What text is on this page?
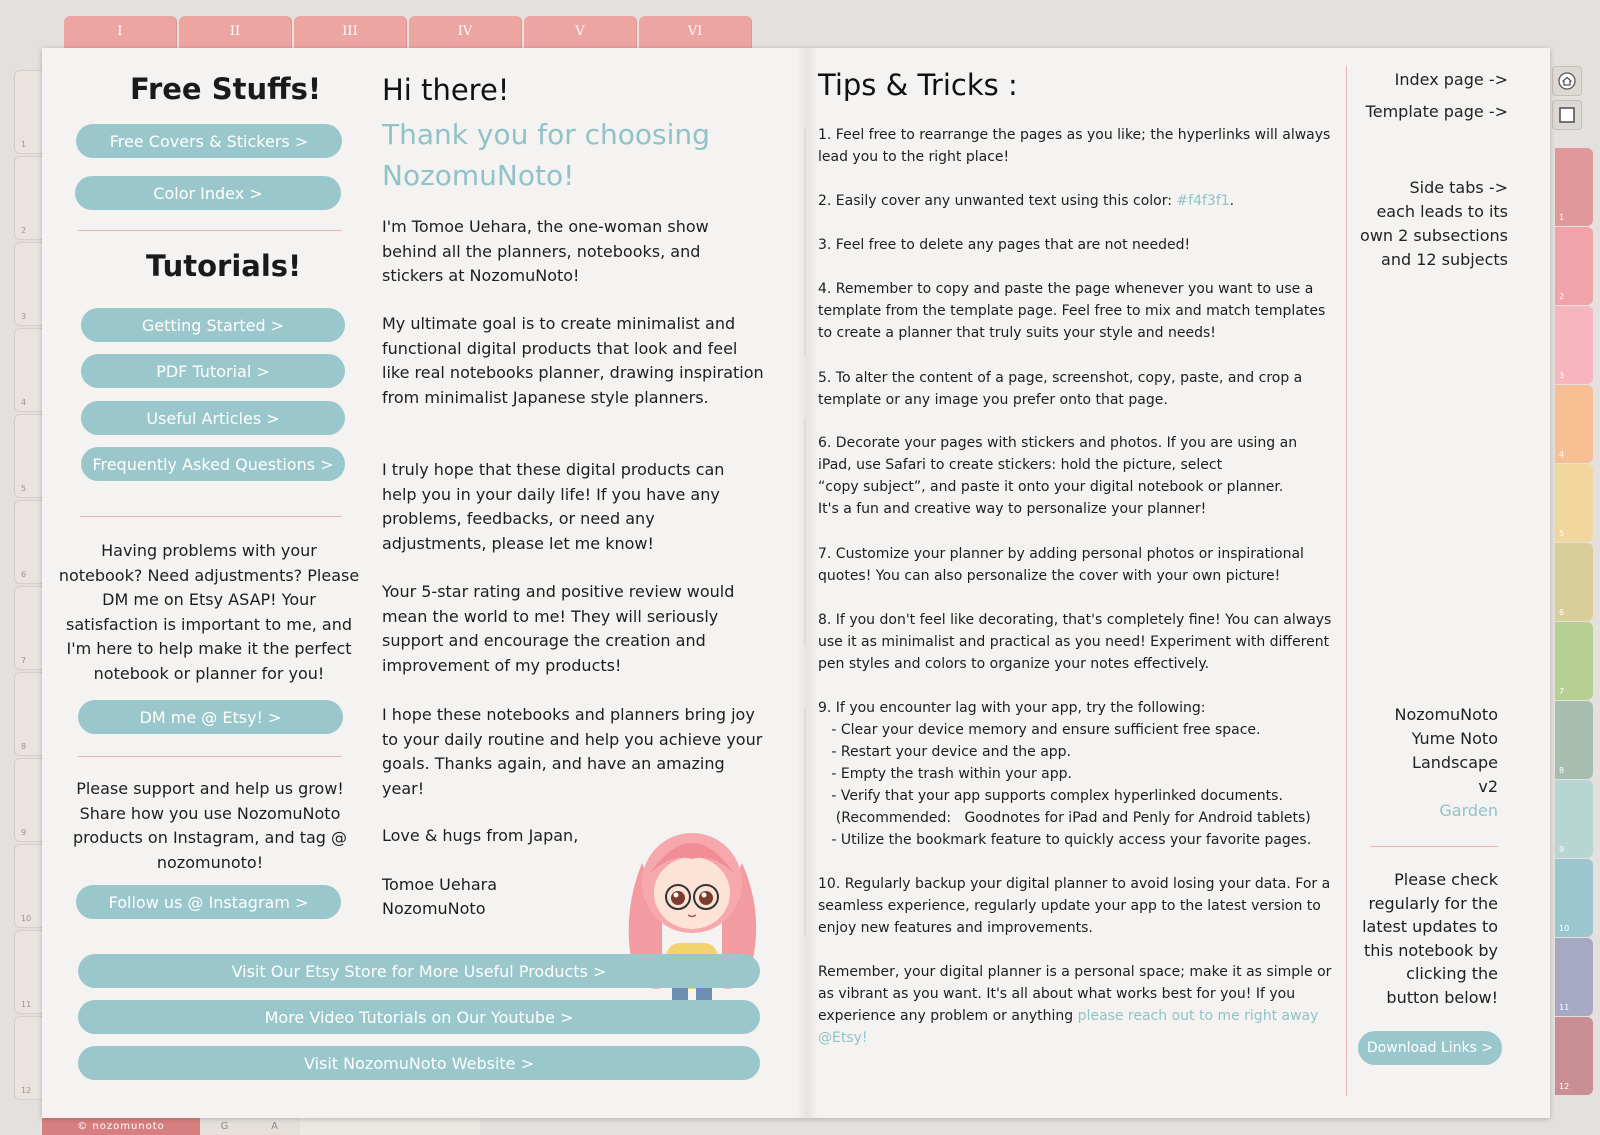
I	II	III	IV	V	VI
1
2
3
4
5
6
7
8
9
10
11
12
1
2
3
4
5
6
7
8
9
10
11
12
© nozomunoto	G	A
Free Stuffs!
Free Covers & Stickers >
Color Index >
Tutorials!
Getting Started >
PDF Tutorial >
Useful Articles >
Frequently Asked Questions >

Having problems with your notebook? Need adjustments? Please DM me on Etsy ASAP! Your satisfaction is important to me, and I'm here to help make it the perfect notebook or planner for you!

DM me @ Etsy! >

Please support and help us grow! Share how you use NozomuNoto products on Instagram, and tag @ nozomunoto!

Follow us @ Instagram >
Hi there!
Thank you for choosing NozomuNoto!

I'm Tomoe Uehara, the one-woman show behind all the planners, notebooks, and stickers at NozomuNoto!

My ultimate goal is to create minimalist and functional digital products that look and feel like real notebooks planner, drawing inspiration from minimalist Japanese style planners.

I truly hope that these digital products can help you in your daily life! If you have any problems, feedbacks, or need any adjustments, please let me know!

Your 5-star rating and positive review would mean the world to me! They will seriously support and encourage the creation and improvement of my products!

I hope these notebooks and planners bring joy to your daily routine and help you achieve your goals. Thanks again, and have an amazing year!

Love & hugs from Japan,

Tomoe Uehara

NozomuNoto

Visit Our Etsy Store for More Useful Products >
More Video Tutorials on Our Youtube >
Visit NozomuNoto Website >
Tips & Tricks :

1. Feel free to rearrange the pages as you like; the hyperlinks will always lead you to the right place!

2. Easily cover any unwanted text using this color: #f4f3f1.

3. Feel free to delete any pages that are not needed!

4. Remember to copy and paste the page whenever you want to use a template from the template page. Feel free to mix and match templates to create a planner that truly suits your style and needs!

5. To alter the content of a page, screenshot, copy, paste, and crop a template or any image you prefer onto that page.

6. Decorate your pages with stickers and photos. If you are using an
iPad, use Safari to create stickers: hold the picture, select
“copy subject”, and paste it onto your digital notebook or planner.
It's a fun and creative way to personalize your planner!

7. Customize your planner by adding personal photos or inspirational quotes! You can also personalize the cover with your own picture!

8. If you don't feel like decorating, that's completely fine! You can always use it as minimalist and practical as you need! Experiment with different pen styles and colors to organize your notes effectively.

9. If you encounter lag with your app, try the following:
- Clear your device memory and ensure sufficient free space.
- Restart your device and the app.
- Empty the trash within your app.
- Verify that your app supports complex hyperlinked documents.
(Recommended:   Goodnotes for iPad and Penly for Android tablets)
- Utilize the bookmark feature to quickly access your favorite pages.

10. Regularly backup your digital planner to avoid losing your data. For a seamless experience, regularly update your app to the latest version to enjoy new features and improvements.

Remember, your digital planner is a personal space; make it as simple or as vibrant as you want. It's all about what works best for you! If you experience any problem or anything please reach out to me right away @Etsy!

Index page ->
Template page ->
Side tabs ->
each leads to its
own 2 subsections
and 12 subjects
NozomuNoto
Yume Noto
Landscape
v2
Garden

Please check regularly for the latest updates to this notebook by clicking the button below!

Download Links >
